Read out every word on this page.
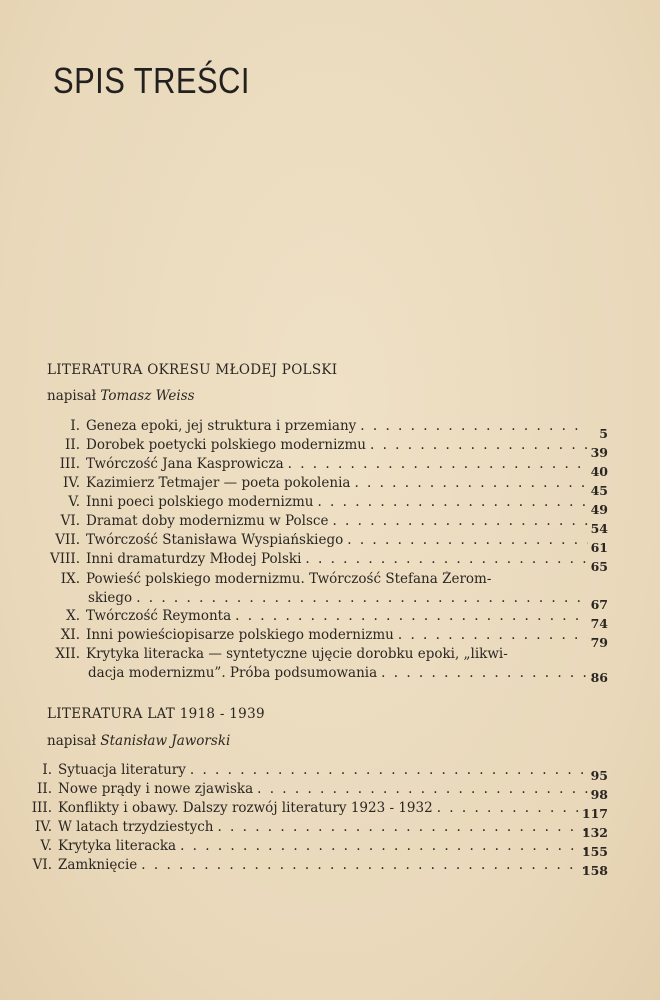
SPIS TREŚCI
LITERATURA OKRESU MŁODEJ POLSKI
napisał Tomasz Weiss
I. Geneza epoki, jej struktura i przemiany . . .	5
II. Dorobek poetycki polskiego modernizmu . . .	39
III. Twórczość Jana Kasprowicza . . .	40
IV. Kazimierz Tetmajer — poeta pokolenia . . .	45
V. Inni poeci polskiego modernizmu . . .	49
VI. Dramat doby modernizmu w Polsce . . .	54
VII. Twórczość Stanisława Wyspiańskiego . . .	61
VIII. Inni dramaturdzy Młodej Polski . . .	65
IX. Powieść polskiego modernizmu. Twórczość Stefana Żerom-
skiego . . .	67
X. Twórczość Reymonta . . .	74
XI. Inni powieściopisarze polskiego modernizmu . . .	79
XII. Krytyka literacka — syntetyczne ujęcie dorobku epoki, „likwi-
dacja modernizmu”. Próba podsumowania . . .	86
LITERATURA LAT 1918 - 1939
napisał Stanisław Jaworski
I. Sytuacja literatury . . .	95
II. Nowe prądy i nowe zjawiska . . .	98
III. Konflikty i obawy. Dalszy rozwój literatury 1923 - 1932 . . .	117
IV. W latach trzydziestych . . .	132
V. Krytyka literacka . . .	155
VI. Zamknięcie . . .	158
